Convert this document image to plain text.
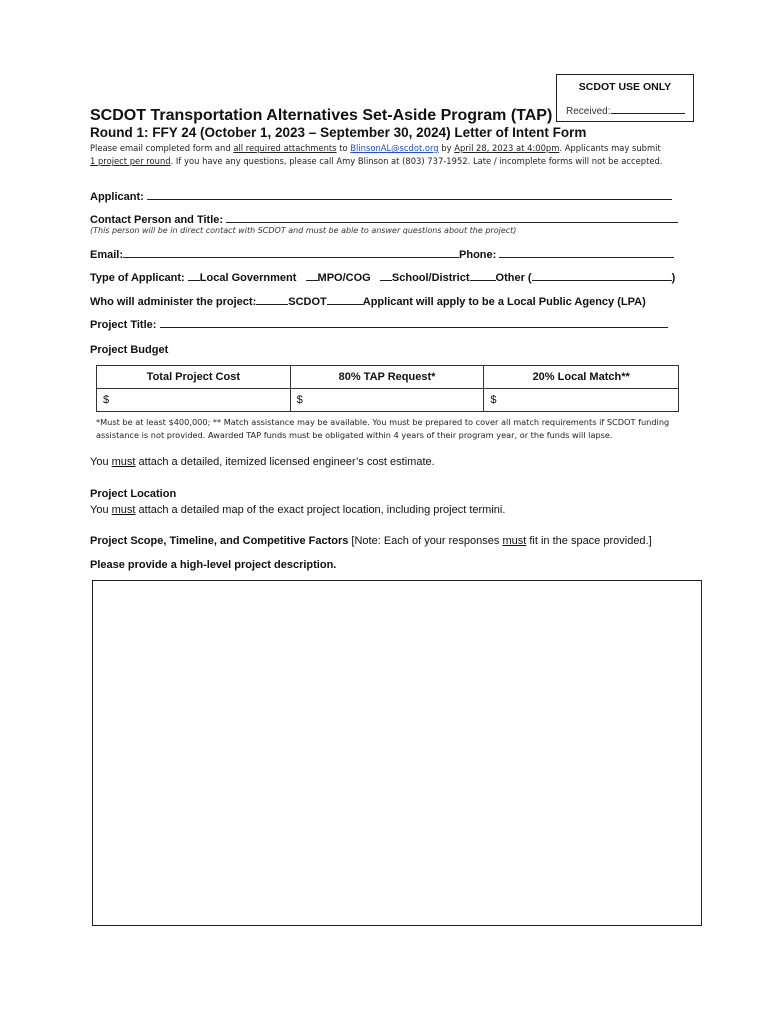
SCDOT USE ONLY
Received:
SCDOT Transportation Alternatives Set-Aside Program (TAP)
Round 1: FFY 24 (October 1, 2023 – September 30, 2024) Letter of Intent Form
Please email completed form and all required attachments to BlinsonAL@scdot.org by April 28, 2023 at 4:00pm. Applicants may submit 1 project per round. If you have any questions, please call Amy Blinson at (803) 737-1952. Late / incomplete forms will not be accepted.
Applicant:
Contact Person and Title:
(This person will be in direct contact with SCDOT and must be able to answer questions about the project)
Email:	Phone:
Type of Applicant: Local Government MPO/COG School/District Other (	)
Who will administer the project:	SCDOT	Applicant will apply to be a Local Public Agency (LPA)
Project Title:
Project Budget
Total Project Cost	80% TAP Request*	20% Local Match**
$	$	$
*Must be at least $400,000; ** Match assistance may be available. You must be prepared to cover all match requirements if SCDOT funding assistance is not provided. Awarded TAP funds must be obligated within 4 years of their program year, or the funds will lapse.
You must attach a detailed, itemized licensed engineer’s cost estimate.
Project Location
You must attach a detailed map of the exact project location, including project termini.
Project Scope, Timeline, and Competitive Factors [Note: Each of your responses must fit in the space provided.]
Please provide a high-level project description.
